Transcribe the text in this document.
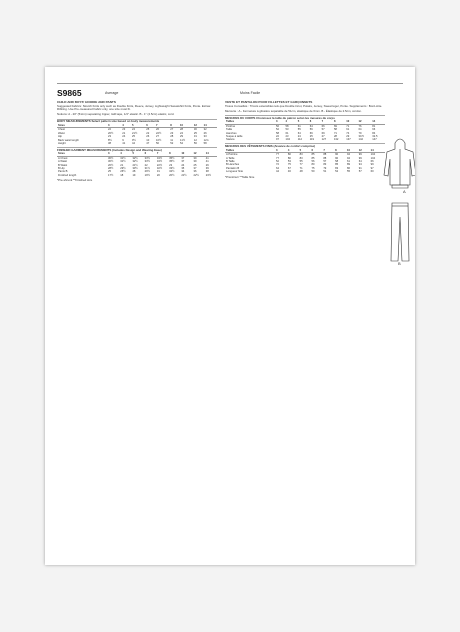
S9865	Average	Moins Facile
CHILD AND BOYS' HOODIE AND PANTS
Suggested Fabrics: Stretch Knits only such as Double Knits, Fleece, Jersey, Lightweight Sweatshirt Knits, Ponte. Extras: Ribbing. Use Pre-measured Fabric only, one size must fit.
Notions: A - 20" (51cm) separating zipper, twill tape, 1/4" elastic. B - 1" (2.5cm) elastic, cord.
BODY MEASUREMENTS Select pattern size based on body measurements
Sizes	3	4	5	6	7	8	10	12	14
Chest	22	23	24	25	26	27	28	30	32
Waist	20½	21	21½	22	22½	23	24	25	26
Hip	23	24	25	26	27	28	29	31	33
Back waist length	8½	9	9½	10	10½	11	11½	12	12¾
Height	38	41	44	47	50	52	54	56	58
FINISHED GARMENT MEASUREMENTS (Includes Design and Wearing Ease)
Sizes	3	4	5	6	7	8	10	12	14
A Chest	30½	31½	32½	33½	34½	35½	37	39	41
A Waist	30½	31½	32½	33½	34½	35½	37	39	41
B Waist	20½	21	21½	22	22½	23	24	25	26
B Hip	28½	29½	30½	31½	32½	33½	35	37	39
Pants B	25	26½	28	29½	31	32½	34	36	38
Finished length	17½	18	19	19½	20	20½	21½	22½	23½
*Pre-shrunk **Finished size
VESTE ET PANTALON POUR FILLETTES ET GARÇONNETS
Tissus Conseillés : Tricots extensibles tels que Double tricot, Polaire, Jersey, Sweat léger, Ponte. Suppléments : Bord-côte.
Mercerie : A - Fermeture à glissière séparable de 51cm, élastique de 6mm. B - Élastique de 2.5cm, cordon.
MESURES DU CORPS Choisissez la taille du patron selon les mesures du corps
Tailles	3	4	5	6	7	8	10	12	14
Poitrine	56	58	61	64	66	69	71	76	81
Taille	52	53	55	56	57	58	61	64	66
Hanches	58	61	64	66	69	71	74	79	84
Nuque à taille	22	23	24	25	27	28	29	30.5	32.5
Stature	97	104	112	119	127	132	137	142	147
MESURES DES VÊTEMENTS FINIS (Aisance de confort comprise)
Tailles	3	4	5	6	7	8	10	12	14
A Poitrine	77	80	83	85	88	90	94	99	104
A Taille	77	80	83	85	88	90	94	99	104
B Taille	52	53	55	56	57	58	61	64	66
B Hanches	72	75	77	80	83	85	89	94	99
Pantalon B	64	67	71	75	79	83	86	91	97
Longueur finie	44	46	48	50	51	52	55	57	60
*Prérétréci **Taille finie
A
B
